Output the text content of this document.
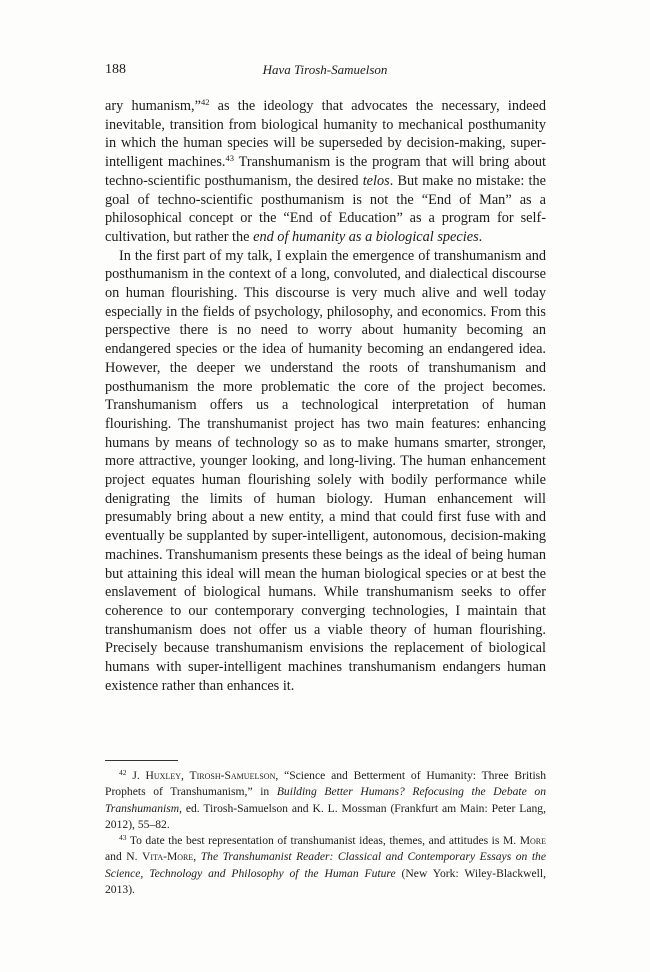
188	Hava Tirosh-Samuelson

ary humanism,”$^{42}$ as the ideology that advocates the necessary, indeed inevitable, transition from biological humanity to mechanical posthumanity in which the human species will be superseded by decision-making, super-intelligent machines.$^{43}$ Transhumanism is the program that will bring about techno-scientific posthumanism, the desired telos. But make no mistake: the goal of techno-scientific posthumanism is not the “End of Man” as a philosophical concept or the “End of Education” as a program for self-cultivation, but rather the end of humanity as a biological species.

In the first part of my talk, I explain the emergence of transhumanism and posthumanism in the context of a long, convoluted, and dialectical discourse on human flourishing. This discourse is very much alive and well today especially in the fields of psychology, philosophy, and economics. From this perspective there is no need to worry about humanity becoming an endangered species or the idea of humanity becoming an endangered idea. However, the deeper we understand the roots of transhumanism and posthumanism the more problematic the core of the project becomes. Transhumanism offers us a technological interpretation of human flourishing. The transhumanist project has two main features: enhancing humans by means of technology so as to make humans smarter, stronger, more attractive, younger looking, and long-living. The human enhancement project equates human flourishing solely with bodily performance while denigrating the limits of human biology. Human enhancement will presumably bring about a new entity, a mind that could first fuse with and eventually be supplanted by super-intelligent, autonomous, decision-making machines. Transhumanism presents these beings as the ideal of being human but attaining this ideal will mean the human biological species or at best the enslavement of biological humans. While transhumanism seeks to offer coherence to our contemporary converging technologies, I maintain that transhumanism does not offer us a viable theory of human flourishing. Precisely because transhumanism envisions the replacement of biological humans with super-intelligent machines transhumanism endangers human existence rather than enhances it.

$^{42}$ J. Huxley, Tirosh-Samuelson, “Science and Betterment of Humanity: Three British Prophets of Transhumanism,” in Building Better Humans? Refocusing the Debate on Transhumanism, ed. Tirosh-Samuelson and K. L. Mossman (Frankfurt am Main: Peter Lang, 2012), 55–82.

$^{43}$ To date the best representation of transhumanist ideas, themes, and attitudes is M. More and N. Vita-More, The Transhumanist Reader: Classical and Contemporary Essays on the Science, Technology and Philosophy of the Human Future (New York: Wiley-Blackwell, 2013).
